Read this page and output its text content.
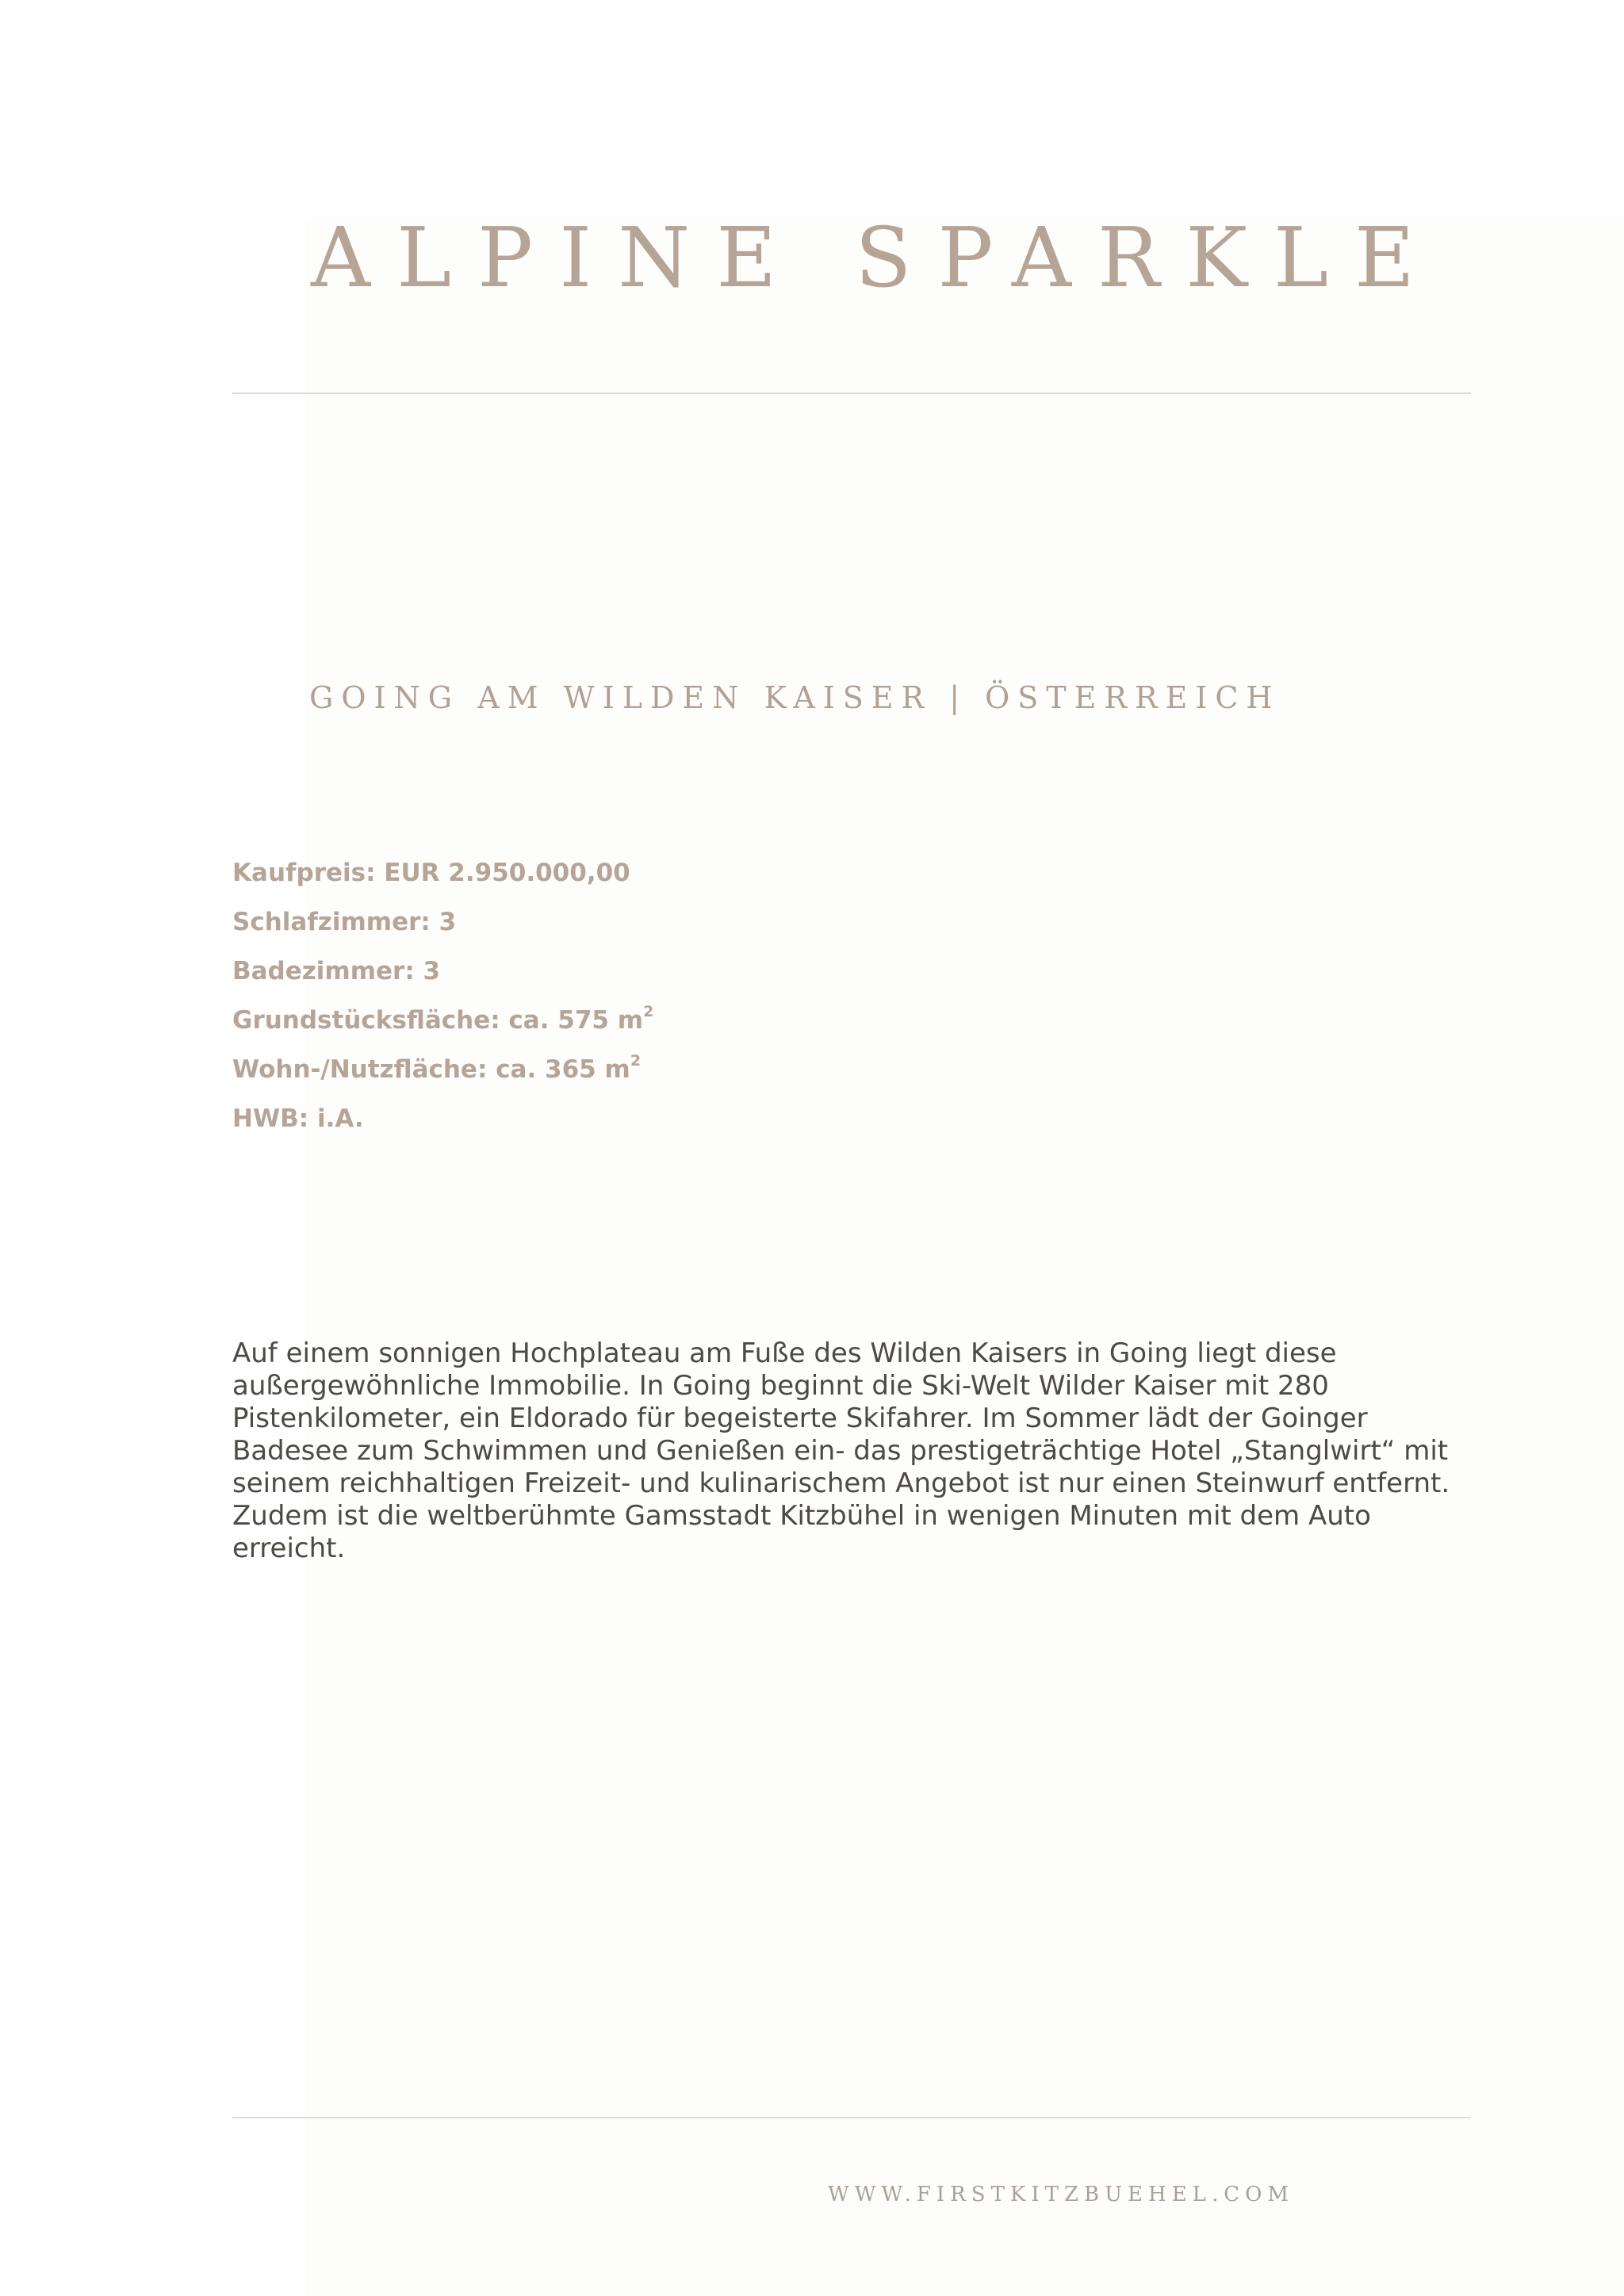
ALPINE SPARKLE
GOING AM WILDEN KAISER | ÖSTERREICH
Kaufpreis: EUR 2.950.000,00
Schlafzimmer: 3
Badezimmer: 3
Grundstücksfläche: ca. 575 $m^2$
Wohn-/Nutzfläche: ca. 365 $m^2$
HWB: i.A.

Auf einem sonnigen Hochplateau am Fuße des Wilden Kaisers in Going liegt diese außergewöhnliche Immobilie. In Going beginnt die Ski-Welt Wilder Kaiser mit 280 Pistenkilometer, ein Eldorado für begeisterte Skifahrer. Im Sommer lädt der Goinger Badesee zum Schwimmen und Genießen ein- das prestigeträchtige Hotel „Stanglwirt“ mit seinem reichhaltigen Freizeit- und kulinarischem Angebot ist nur einen Steinwurf entfernt. Zudem ist die weltberühmte Gamsstadt Kitzbühel in wenigen Minuten mit dem Auto erreicht.

WWW.FIRSTKITZBUEHEL.COM
